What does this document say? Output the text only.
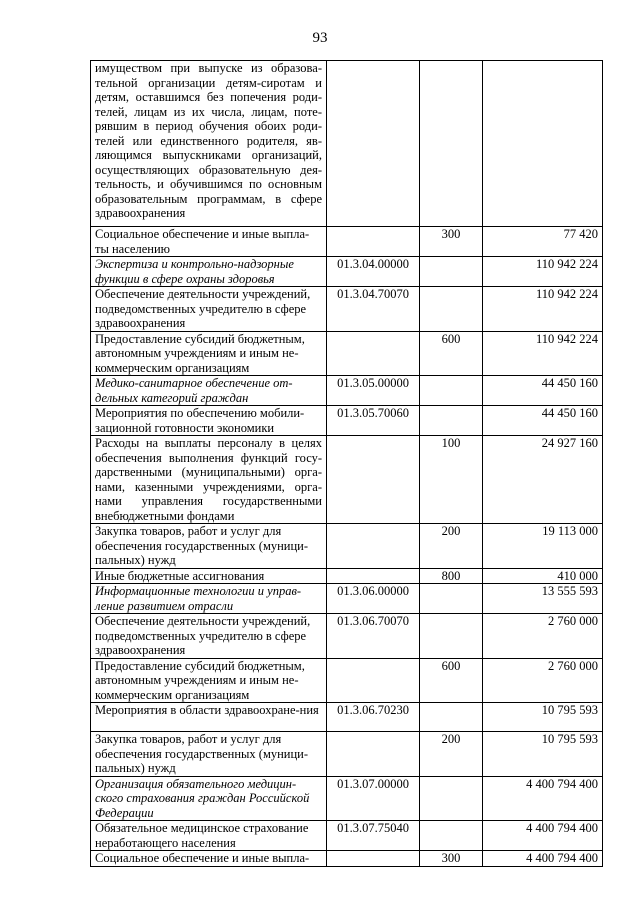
93
имуществом при выпуске из образова-тельной организации детям-сиротам и детям, оставшимся без попечения роди-телей, лицам из их числа, лицам, поте-рявшим в период обучения обоих роди-телей или единственного родителя, яв-ляющимся выпускниками организаций, осуществляющих образовательную дея-тельность, и обучившимся по основным образовательным программам, в сфере здравоохранения			
Социальное обеспечение и иные выпла-ты населению		300	77 420
Экспертиза и контрольно-надзорные функции в сфере охраны здоровья	01.3.04.00000		110 942 224
Обеспечение деятельности учреждений, подведомственных учредителю в сфере здравоохранения	01.3.04.70070		110 942 224
Предоставление субсидий бюджетным, автономным учреждениям и иным не-коммерческим организациям		600	110 942 224
Медико-санитарное обеспечение от-дельных категорий граждан	01.3.05.00000		44 450 160
Мероприятия по обеспечению мобили-зационной готовности экономики	01.3.05.70060		44 450 160
Расходы на выплаты персоналу в целях обеспечения выполнения функций госу-дарственными (муниципальными) орга-нами, казенными учреждениями, орга-нами управления государственными внебюджетными фондами		100	24 927 160
Закупка товаров, работ и услуг для обеспечения государственных (муници-пальных) нужд		200	19 113 000
Иные бюджетные ассигнования		800	410 000
Информационные технологии и управ-ление развитием отрасли	01.3.06.00000		13 555 593
Обеспечение деятельности учреждений, подведомственных учредителю в сфере здравоохранения	01.3.06.70070		2 760 000
Предоставление субсидий бюджетным, автономным учреждениям и иным не-коммерческим организациям		600	2 760 000
Мероприятия в области здравоохране-ния	01.3.06.70230		10 795 593
Закупка товаров, работ и услуг для обеспечения государственных (муници-пальных) нужд		200	10 795 593
Организация обязательного медицин-ского страхования граждан Российской Федерации	01.3.07.00000		4 400 794 400
Обязательное медицинское страхование неработающего населения	01.3.07.75040		4 400 794 400
Социальное обеспечение и иные выпла-		300	4 400 794 400
